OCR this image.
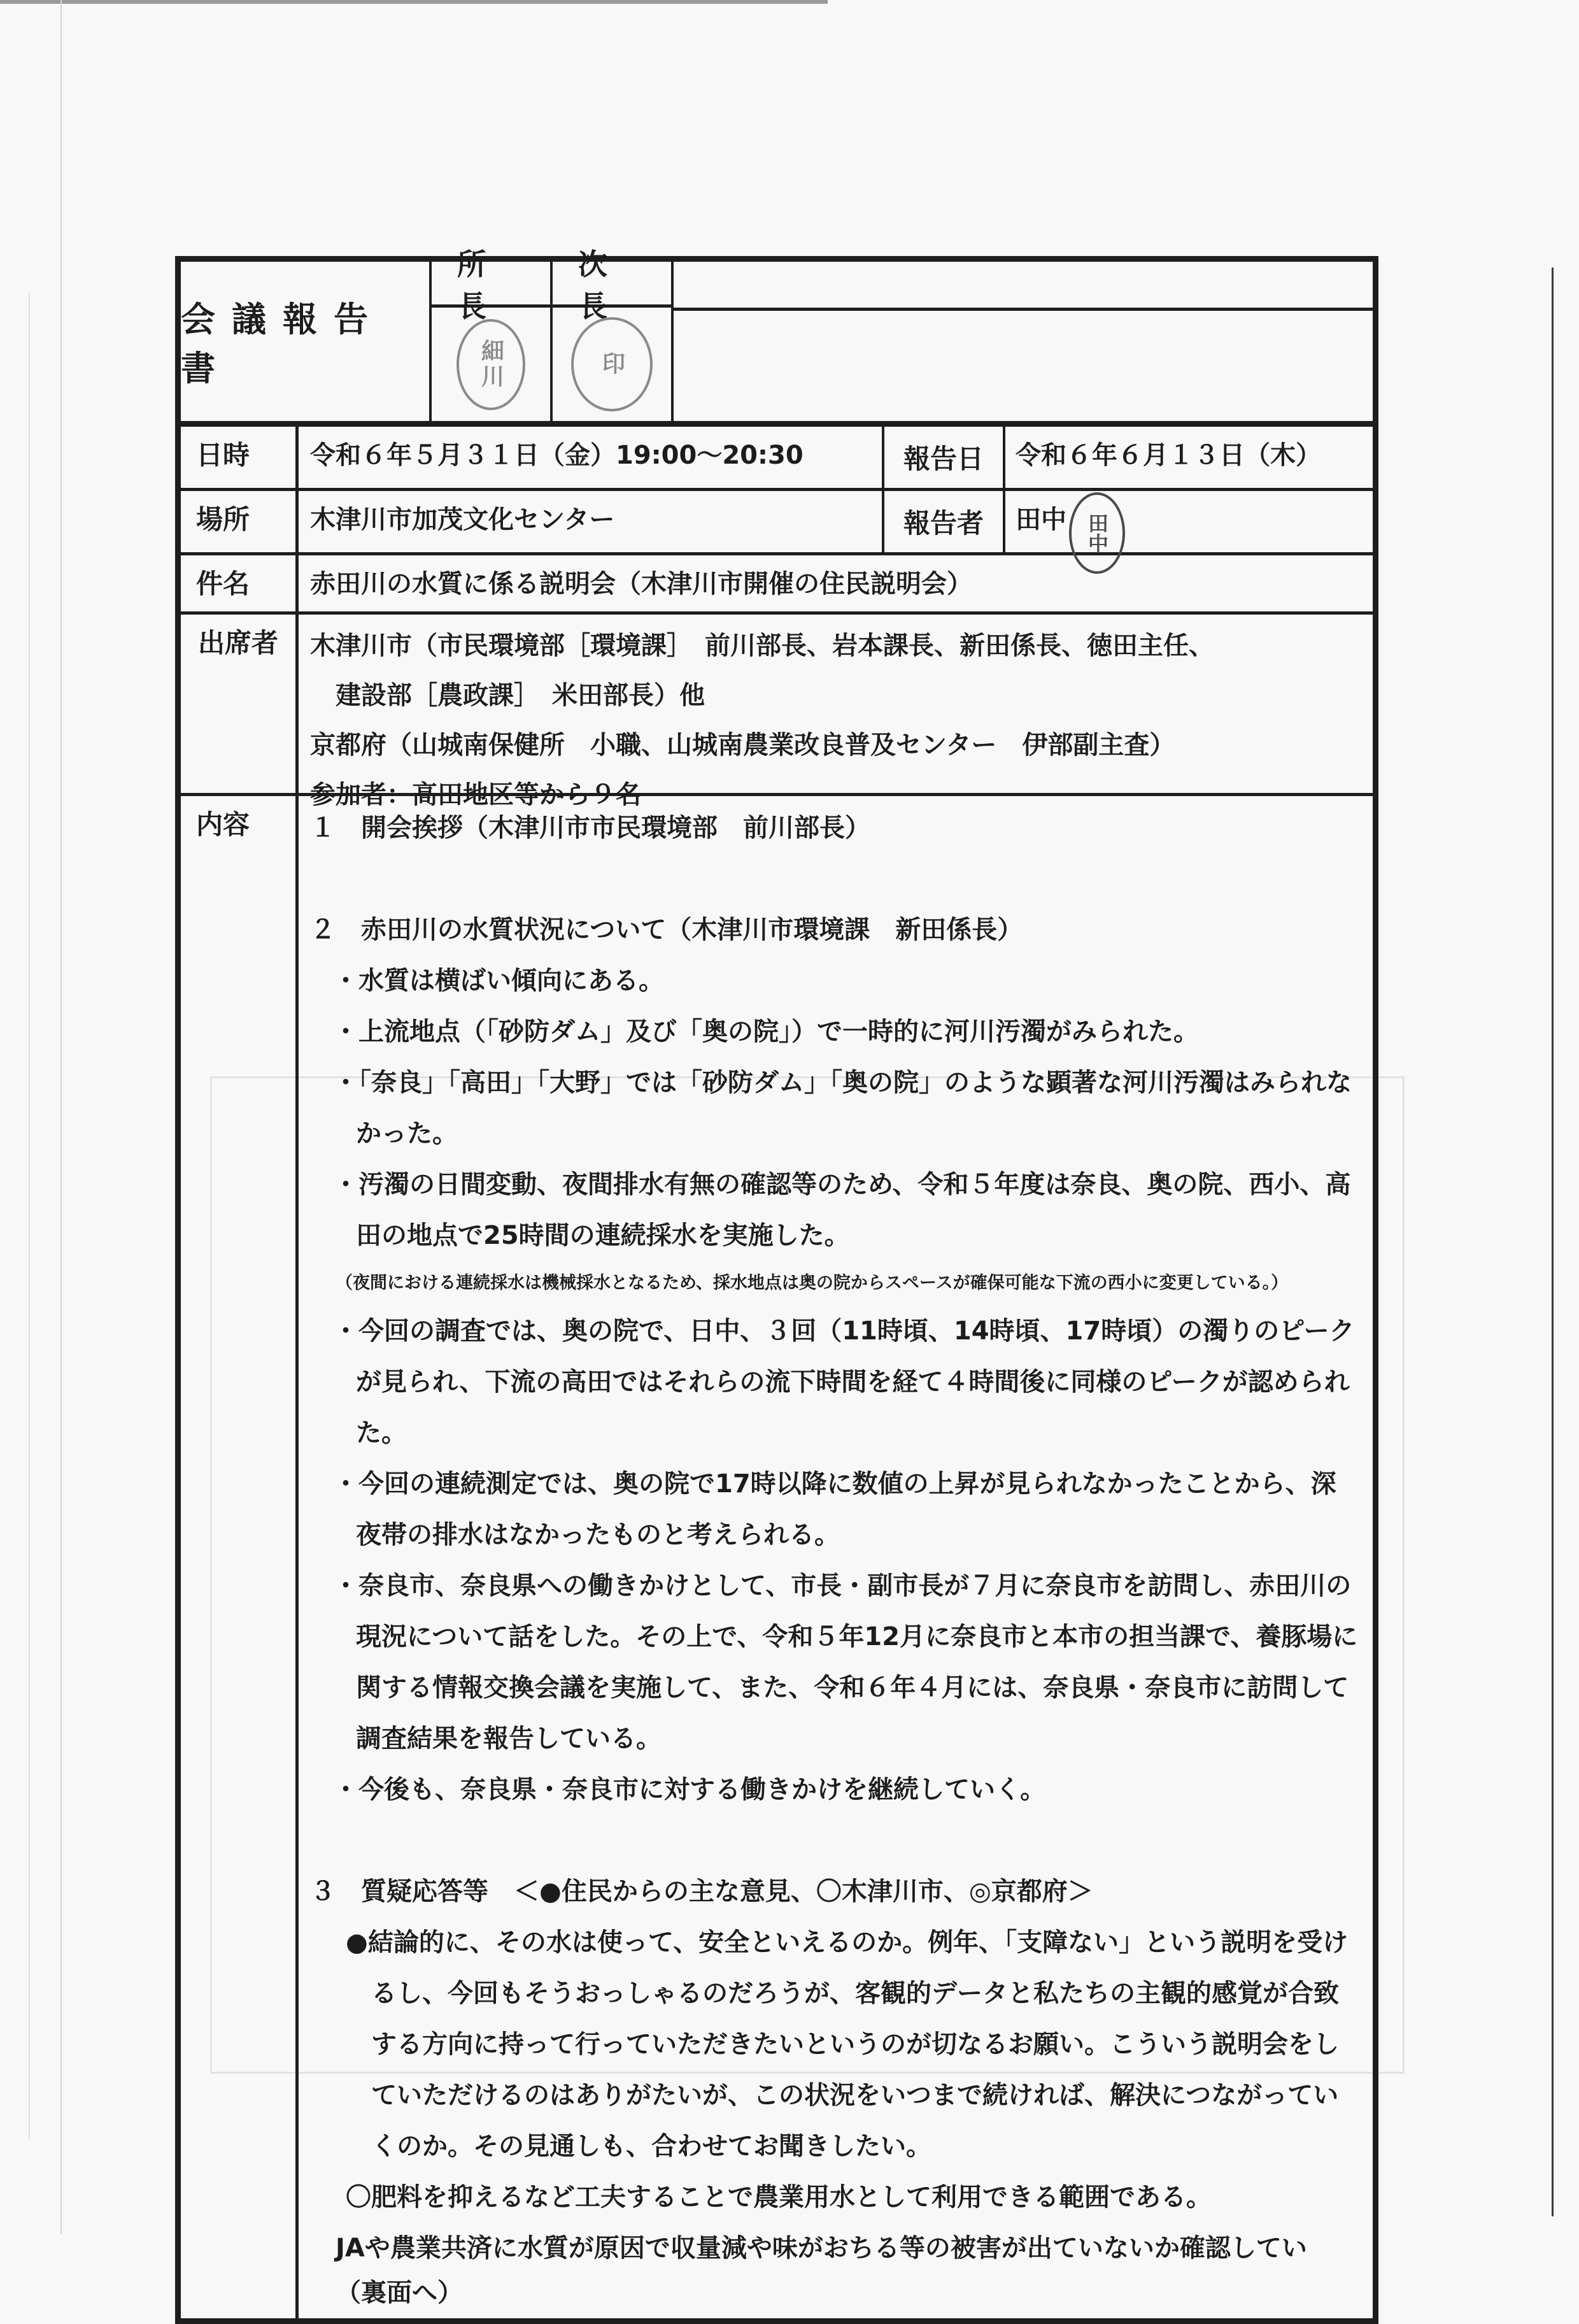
会議報告書
所長
細川
次長
印
日時	令和６年５月３１日（金）19:00～20:30	報告日	令和６年６月１３日（木）
場所	木津川市加茂文化センター	報告者	田中 田中
件名	赤田川の水質に係る説明会（木津川市開催の住民説明会）
出席者	木津川市（市民環境部［環境課］　前川部長、岩本課長、新田係長、徳田主任、
建設部［農政課］　米田部長）他
京都府（山城南保健所　小職、山城南農業改良普及センター　伊部副主査）
参加者：高田地区等から９名
内容	１　開会挨拶（木津川市市民環境部　前川部長）

２　赤田川の水質状況について（木津川市環境課　新田係長）

・水質は横ばい傾向にある。

・上流地点（「砂防ダム」及び「奥の院」）で一時的に河川汚濁がみられた。

・「奈良」「高田」「大野」では「砂防ダム」「奥の院」のような顕著な河川汚濁はみられなかった。

・汚濁の日間変動、夜間排水有無の確認等のため、令和５年度は奈良、奥の院、西小、高田の地点で25時間の連続採水を実施した。

（夜間における連続採水は機械採水となるため、採水地点は奥の院からスペースが確保可能な下流の西小に変更している。）

・今回の調査では、奥の院で、日中、３回（11時頃、14時頃、17時頃）の濁りのピークが見られ、下流の高田ではそれらの流下時間を経て４時間後に同様のピークが認められた。

・今回の連続測定では、奥の院で17時以降に数値の上昇が見られなかったことから、深夜帯の排水はなかったものと考えられる。

・奈良市、奈良県への働きかけとして、市長・副市長が７月に奈良市を訪問し、赤田川の現況について話をした。その上で、令和５年12月に奈良市と本市の担当課で、養豚場に関する情報交換会議を実施して、また、令和６年４月には、奈良県・奈良市に訪問して調査結果を報告している。

・今後も、奈良県・奈良市に対する働きかけを継続していく。

３　質疑応答等　＜●住民からの主な意見、〇木津川市、◎京都府＞

●結論的に、その水は使って、安全といえるのか。例年、「支障ない」という説明を受けるし、今回もそうおっしゃるのだろうが、客観的データと私たちの主観的感覚が合致する方向に持って行っていただきたいというのが切なるお願い。こういう説明会をしていただけるのはありがたいが、この状況をいつまで続ければ、解決につながっていくのか。その見通しも、合わせてお聞きしたい。

〇肥料を抑えるなど工夫することで農業用水として利用できる範囲である。

JAや農業共済に水質が原因で収量減や味がおちる等の被害が出ていないか確認してい

（裏面へ）
